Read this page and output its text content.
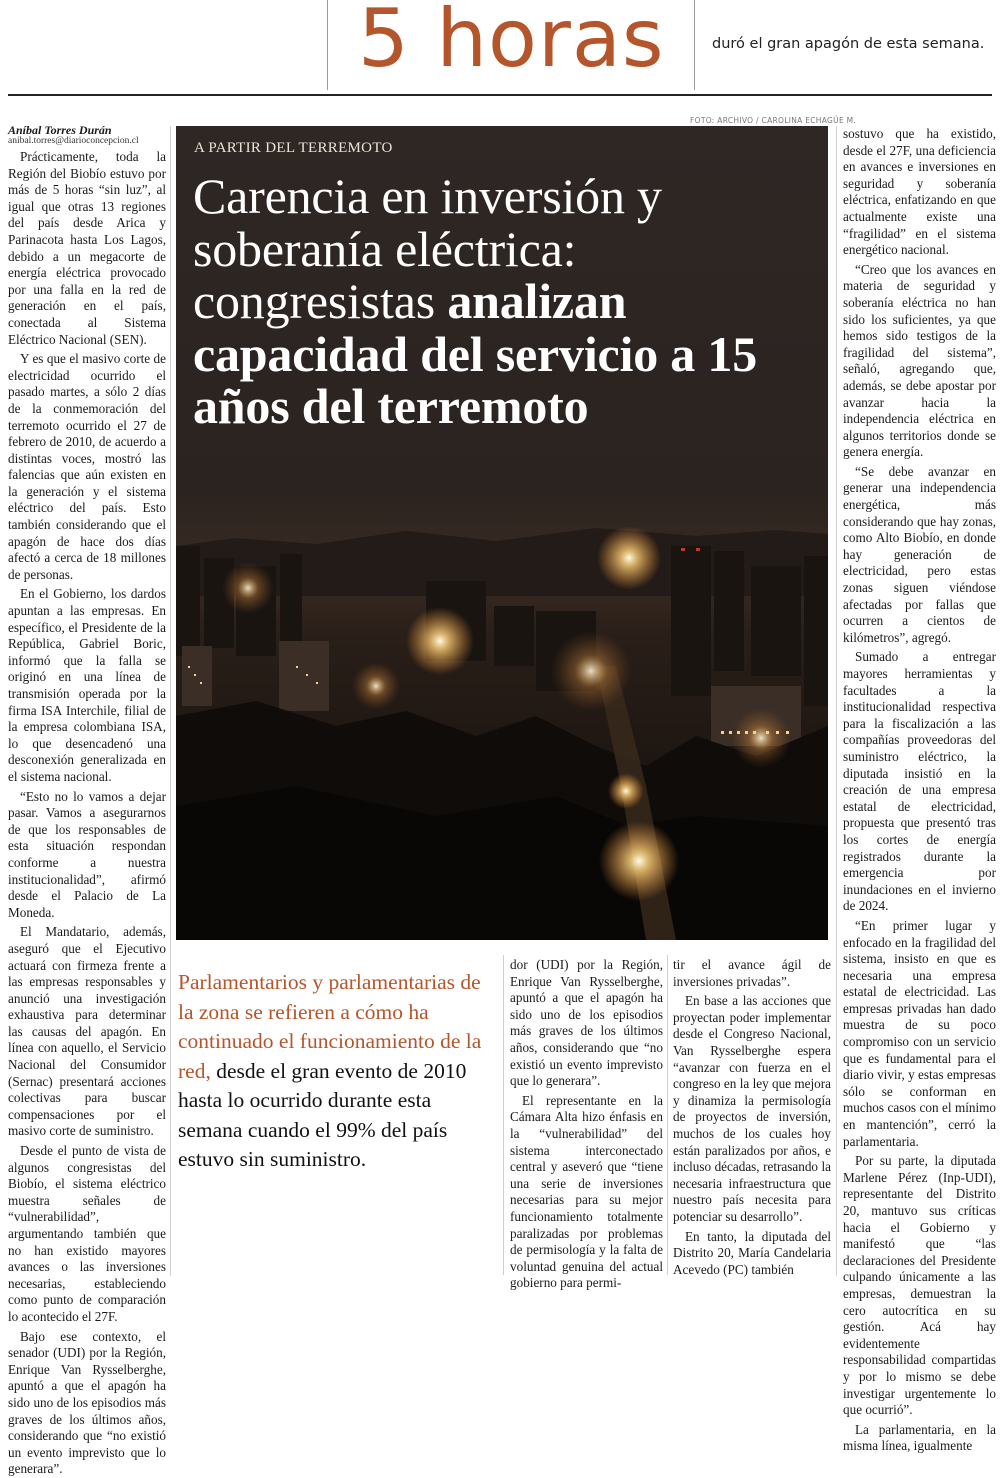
5 horas	duró el gran apagón de esta semana.
Aníbal Torres Durán
anibal.torres@diarioconcepcion.cl
FOTO: ARCHIVO / CAROLINA ECHAGÜE M.

Prácticamente, toda la Región del Biobío estuvo por más de 5 horas “sin luz”, al igual que otras 13 regiones del país desde Arica y Parinacota hasta Los Lagos, debido a un megacorte de energía eléctrica provocado por una falla en la red de generación en el país, conectada al Sistema Eléctrico Nacional (SEN).

Y es que el masivo corte de electricidad ocurrido el pasado martes, a sólo 2 días de la conmemoración del terremoto ocurrido el 27 de febrero de 2010, de acuerdo a distintas voces, mostró las falencias que aún existen en la generación y el sistema eléctrico del país. Esto también considerando que el apagón de hace dos días afectó a cerca de 18 millones de personas.

En el Gobierno, los dardos apuntan a las empresas. En específico, el Presidente de la República, Gabriel Boric, informó que la falla se originó en una línea de transmisión operada por la firma ISA Interchile, filial de la empresa colombiana ISA, lo que desencadenó una desconexión generalizada en el sistema nacional.

“Esto no lo vamos a dejar pasar. Vamos a asegurarnos de que los responsables de esta situación respondan conforme a nuestra institucionalidad”, afirmó desde el Palacio de La Moneda.

El Mandatario, además, aseguró que el Ejecutivo actuará con firmeza frente a las empresas responsables y anunció una investigación exhaustiva para determinar las causas del apagón. En línea con aquello, el Servicio Nacional del Consumidor (Sernac) presentará acciones colectivas para buscar compensaciones por el masivo corte de suministro.

Desde el punto de vista de algunos congresistas del Biobío, el sistema eléctrico muestra señales de “vulnerabilidad”, argumentando también que no han existido mayores avances o las inversiones necesarias, estableciendo como punto de comparación lo acontecido el 27F.

Bajo ese contexto, el senador (UDI) por la Región, Enrique Van Rysselberghe, apuntó a que el apagón ha sido uno de los episodios más graves de los últimos años, considerando que “no existió un evento imprevisto que lo generara”.

A PARTIR DEL TERREMOTO
Carencia en inversión y soberanía eléctrica: congresistas analizan capacidad del servicio a 15 años del terremoto
Parlamentarios y parlamentarias de la zona se refieren a cómo ha continuado el funcionamiento de la red, desde el gran evento de 2010 hasta lo ocurrido durante esta semana cuando el 99% del país estuvo sin suministro.

dor (UDI) por la Región, Enrique Van Rysselberghe, apuntó a que el apagón ha sido uno de los episodios más graves de los últimos años, considerando que “no existió un evento imprevisto que lo generara”.

El representante en la Cámara Alta hizo énfasis en la “vulnerabilidad” del sistema interconectado central y aseveró que “tiene una serie de inversiones necesarias para su mejor funcionamiento totalmente paralizadas por problemas de permisología y la falta de voluntad genuina del actual gobierno para permi-

tir el avance ágil de inversiones privadas”.

En base a las acciones que proyectan poder implementar desde el Congreso Nacional, Van Rysselberghe espera “avanzar con fuerza en el congreso en la ley que mejora y dinamiza la permisología de proyectos de inversión, muchos de los cuales hoy están paralizados por años, e incluso décadas, retrasando la necesaria infraestructura que nuestro país necesita para potenciar su desarrollo”.

En tanto, la diputada del Distrito 20, María Candelaria Acevedo (PC) también

sostuvo que ha existido, desde el 27F, una deficiencia en avances e inversiones en seguridad y soberanía eléctrica, enfatizando en que actualmente existe una “fragilidad” en el sistema energético nacional.

“Creo que los avances en materia de seguridad y soberanía eléctrica no han sido los suficientes, ya que hemos sido testigos de la fragilidad del sistema”, señaló, agregando que, además, se debe apostar por avanzar hacia la independencia eléctrica en algunos territorios donde se genera energía.

“Se debe avanzar en generar una independencia energética, más considerando que hay zonas, como Alto Biobío, en donde hay generación de electricidad, pero estas zonas siguen viéndose afectadas por fallas que ocurren a cientos de kilómetros”, agregó.

Sumado a entregar mayores herramientas y facultades a la institucionalidad respectiva para la fiscalización a las compañías proveedoras del suministro eléctrico, la diputada insistió en la creación de una empresa estatal de electricidad, propuesta que presentó tras los cortes de energía registrados durante la emergencia por inundaciones en el invierno de 2024.

“En primer lugar y enfocado en la fragilidad del sistema, insisto en que es necesaria una empresa estatal de electricidad. Las empresas privadas han dado muestra de su poco compromiso con un servicio que es fundamental para el diario vivir, y estas empresas sólo se conforman en muchos casos con el mínimo en mantención”, cerró la parlamentaria.

Por su parte, la diputada Marlene Pérez (Inp-UDI), representante del Distrito 20, mantuvo sus críticas hacia el Gobierno y manifestó que “las declaraciones del Presidente culpando únicamente a las empresas, demuestran la cero autocrítica en su gestión. Acá hay evidentemente responsabilidad compartidas y por lo mismo se debe investigar urgentemente lo que ocurrió”.

La parlamentaria, en la misma línea, igualmente
